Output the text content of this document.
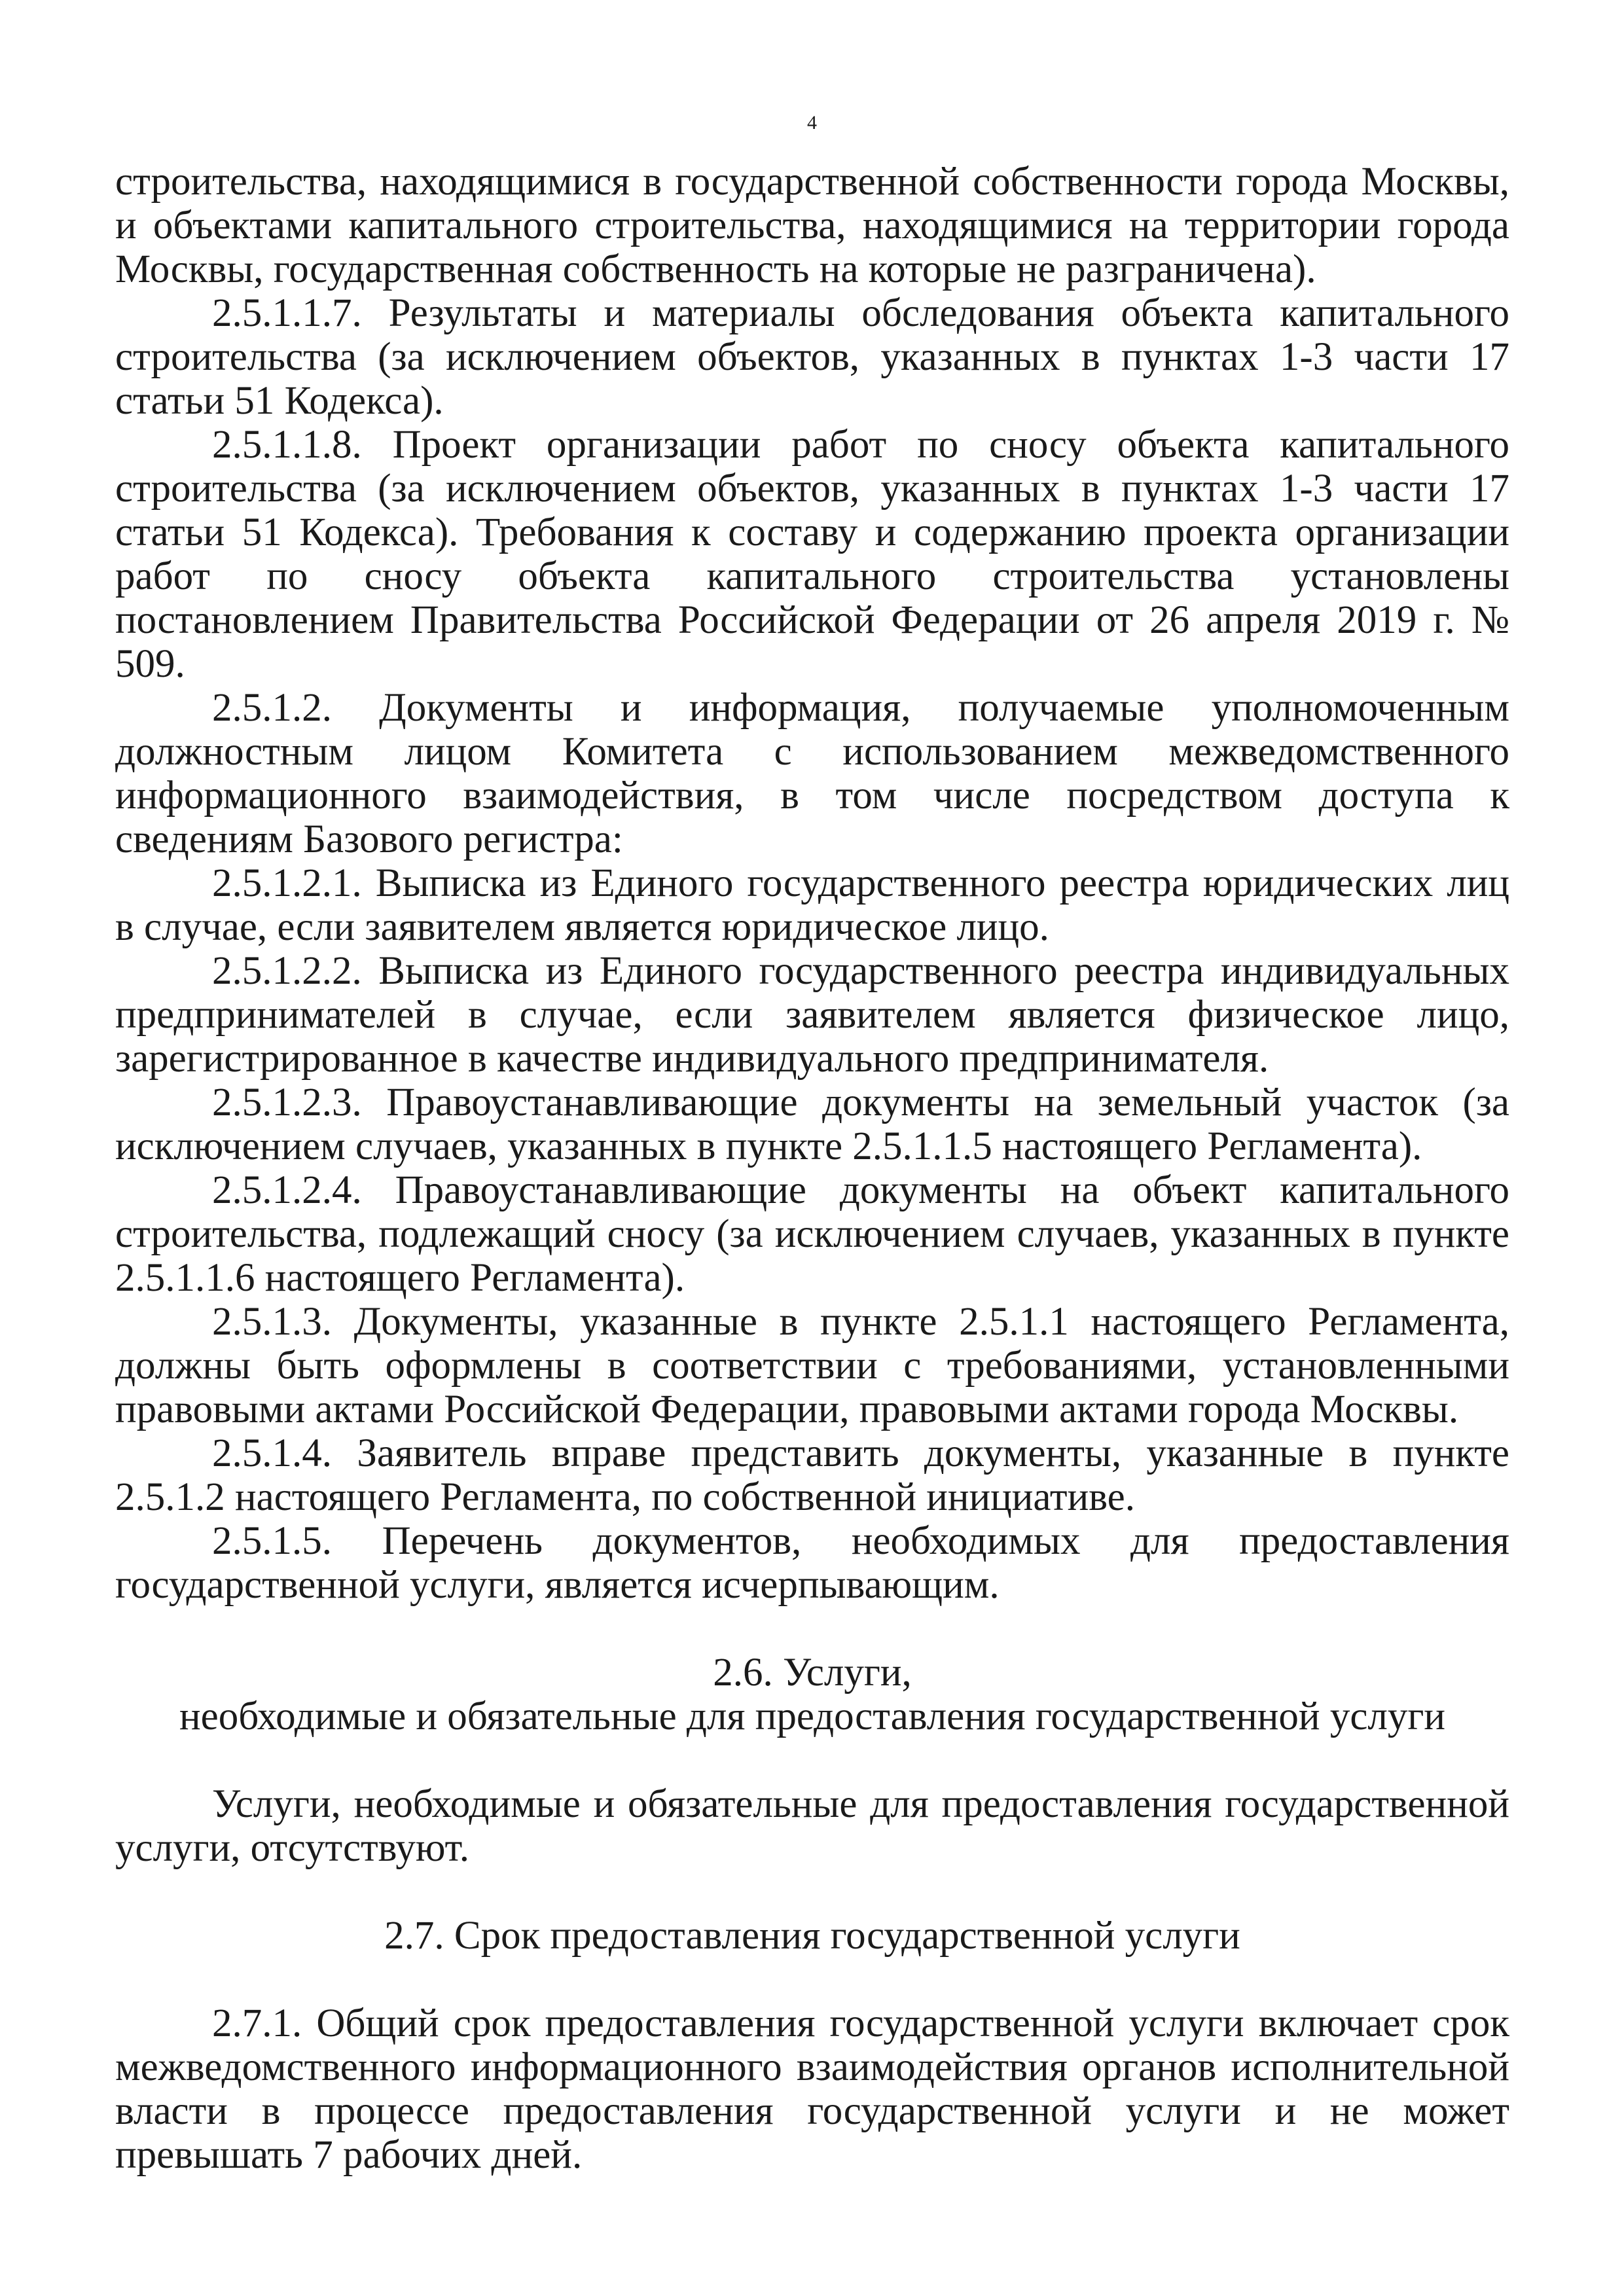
4

строительства, находящимися в государственной собственности города Москвы, и объектами капитального строительства, находящимися на территории города Москвы, государственная собственность на которые не разграничена).

2.5.1.1.7. Результаты и материалы обследования объекта капитального строительства (за исключением объектов, указанных в пунктах 1-3 части 17 статьи 51 Кодекса).

2.5.1.1.8. Проект организации работ по сносу объекта капитального строительства (за исключением объектов, указанных в пунктах 1-3 части 17 статьи 51 Кодекса). Требования к составу и содержанию проекта организации работ по сносу объекта капитального строительства установлены постановлением Правительства Российской Федерации от 26 апреля 2019 г. № 509.

2.5.1.2. Документы и информация, получаемые уполномоченным должностным лицом Комитета с использованием межведомственного информационного взаимодействия, в том числе посредством доступа к сведениям Базового регистра:

2.5.1.2.1. Выписка из Единого государственного реестра юридических лиц в случае, если заявителем является юридическое лицо.

2.5.1.2.2. Выписка из Единого государственного реестра индивидуальных предпринимателей в случае, если заявителем является физическое лицо, зарегистрированное в качестве индивидуального предпринимателя.

2.5.1.2.3. Правоустанавливающие документы на земельный участок (за исключением случаев, указанных в пункте 2.5.1.1.5 настоящего Регламента).

2.5.1.2.4. Правоустанавливающие документы на объект капитального строительства, подлежащий сносу (за исключением случаев, указанных в пункте 2.5.1.1.6 настоящего Регламента).

2.5.1.3. Документы, указанные в пункте 2.5.1.1 настоящего Регламента, должны быть оформлены в соответствии с требованиями, установленными правовыми актами Российской Федерации, правовыми актами города Москвы.

2.5.1.4. Заявитель вправе представить документы, указанные в пункте 2.5.1.2 настоящего Регламента, по собственной инициативе.

2.5.1.5. Перечень документов, необходимых для предоставления государственной услуги, является исчерпывающим.

2.6. Услуги,
необходимые и обязательные для предоставления государственной услуги

Услуги, необходимые и обязательные для предоставления государственной услуги, отсутствуют.

2.7. Срок предоставления государственной услуги

2.7.1. Общий срок предоставления государственной услуги включает срок межведомственного информационного взаимодействия органов исполнительной власти в процессе предоставления государственной услуги и не может превышать 7 рабочих дней.
